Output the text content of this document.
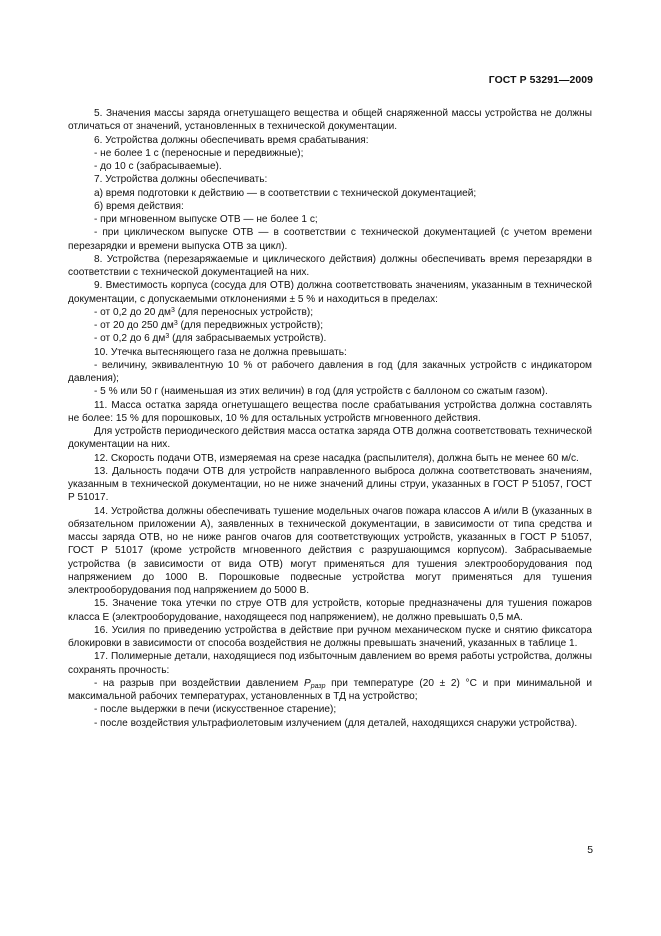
ГОСТ Р 53291—2009

5. Значения массы заряда огнетушащего вещества и общей снаряженной массы устройства не должны отличаться от значений, установленных в технической документации.

6. Устройства должны обеспечивать время срабатывания:

- не более 1 с (переносные и передвижные);

- до 10 с (забрасываемые).

7. Устройства должны обеспечивать:

а) время подготовки к действию — в соответствии с технической документацией;

б) время действия:

- при мгновенном выпуске ОТВ — не более 1 с;

- при циклическом выпуске ОТВ — в соответствии с технической документацией (с учетом времени перезарядки и времени выпуска ОТВ за цикл).

8. Устройства (перезаряжаемые и циклического действия) должны обеспечивать время перезарядки в соответствии с технической документацией на них.

9. Вместимость корпуса (сосуда для ОТВ) должна соответствовать значениям, указанным в технической документации, с допускаемыми отклонениями ± 5 % и находиться в пределах:

- от 0,2 до 20 $дм^3$ (для переносных устройств);

- от 20 до 250 $дм^3$ (для передвижных устройств);

- от 0,2 до 6 $дм^3$ (для забрасываемых устройств).

10. Утечка вытесняющего газа не должна превышать:

- величину, эквивалентную 10 % от рабочего давления в год (для закачных устройств с индикатором давления);

- 5 % или 50 г (наименьшая из этих величин) в год (для устройств с баллоном со сжатым газом).

11. Масса остатка заряда огнетушащего вещества после срабатывания устройства должна составлять не более: 15 % для порошковых, 10 % для остальных устройств мгновенного действия.

Для устройств периодического действия масса остатка заряда ОТВ должна соответствовать технической документации на них.

12. Скорость подачи ОТВ, измеряемая на срезе насадка (распылителя), должна быть не менее 60 м/с.

13. Дальность подачи ОТВ для устройств направленного выброса должна соответствовать значениям, указанным в технической документации, но не ниже значений длины струи, указанных в ГОСТ Р 51057, ГОСТ Р 51017.

14. Устройства должны обеспечивать тушение модельных очагов пожара классов А и/или В (указанных в обязательном приложении А), заявленных в технической документации, в зависимости от типа средства и массы заряда ОТВ, но не ниже рангов очагов для соответствующих устройств, указанных в ГОСТ Р 51057, ГОСТ Р 51017 (кроме устройств мгновенного действия с разрушающимся корпусом). Забрасываемые устройства (в зависимости от вида ОТВ) могут применяться для тушения электрооборудования под напряжением до 1000 В. Порошковые подвесные устройства могут применяться для тушения электрооборудования под напряжением до 5000 В.

15. Значение тока утечки по струе ОТВ для устройств, которые предназначены для тушения пожаров класса Е (электрооборудование, находящееся под напряжением), не должно превышать 0,5 мА.

16. Усилия по приведению устройства в действие при ручном механическом пуске и снятию фиксатора блокировки в зависимости от способа воздействия не должны превышать значений, указанных в таблице 1.

17. Полимерные детали, находящиеся под избыточным давлением во время работы устройства, должны сохранять прочность:

- на разрыв при воздействии давлением $P_{разр}$ при температуре (20 ± 2) °С и при минимальной и максимальной рабочих температурах, установленных в ТД на устройство;

- после выдержки в печи (искусственное старение);

- после воздействия ультрафиолетовым излучением (для деталей, находящихся снаружи устройства).

5
